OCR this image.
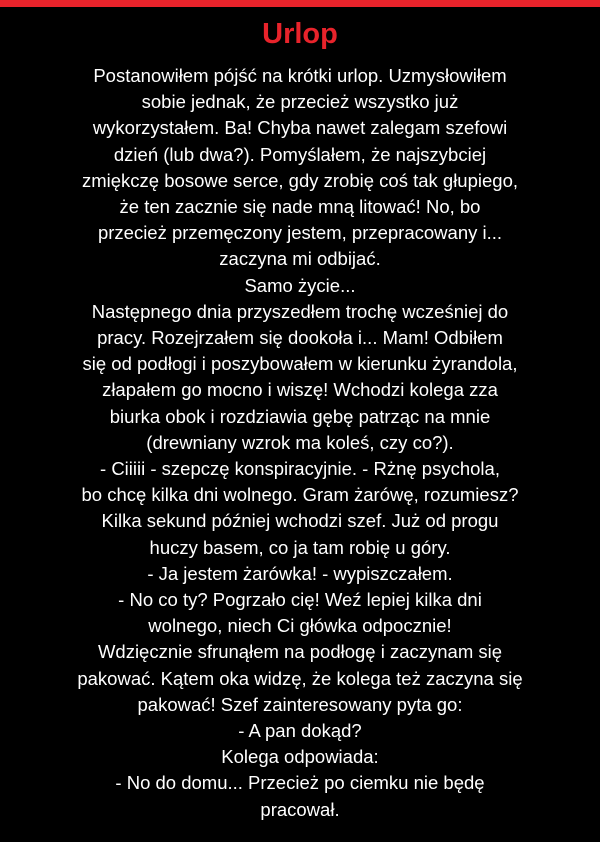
Urlop
Postanowiłem pójść na krótki urlop. Uzmysłowiłem
sobie jednak, że przecież wszystko już
wykorzystałem. Ba! Chyba nawet zalegam szefowi
dzień (lub dwa?). Pomyślałem, że najszybciej
zmiękczę bosowe serce, gdy zrobię coś tak głupiego,
że ten zacznie się nade mną litować! No, bo
przecież przemęczony jestem, przepracowany i...
zaczyna mi odbijać.
Samo życie...
Następnego dnia przyszedłem trochę wcześniej do
pracy. Rozejrzałem się dookoła i... Mam! Odbiłem
się od podłogi i poszybowałem w kierunku żyrandola,
złapałem go mocno i wiszę! Wchodzi kolega zza
biurka obok i rozdziawia gębę patrząc na mnie
(drewniany wzrok ma koleś, czy co?).
- Ciiiii - szepczę konspiracyjnie. - Rżnę psychola,
bo chcę kilka dni wolnego. Gram żarówę, rozumiesz?
Kilka sekund później wchodzi szef. Już od progu
huczy basem, co ja tam robię u góry.
- Ja jestem żarówka! - wypiszczałem.
- No co ty? Pogrzało cię! Weź lepiej kilka dni
wolnego, niech Ci główka odpocznie!
Wdzięcznie sfrunąłem na podłogę i zaczynam się
pakować. Kątem oka widzę, że kolega też zaczyna się
pakować! Szef zainteresowany pyta go:
- A pan dokąd?
Kolega odpowiada:
- No do domu... Przecież po ciemku nie będę
pracował.
